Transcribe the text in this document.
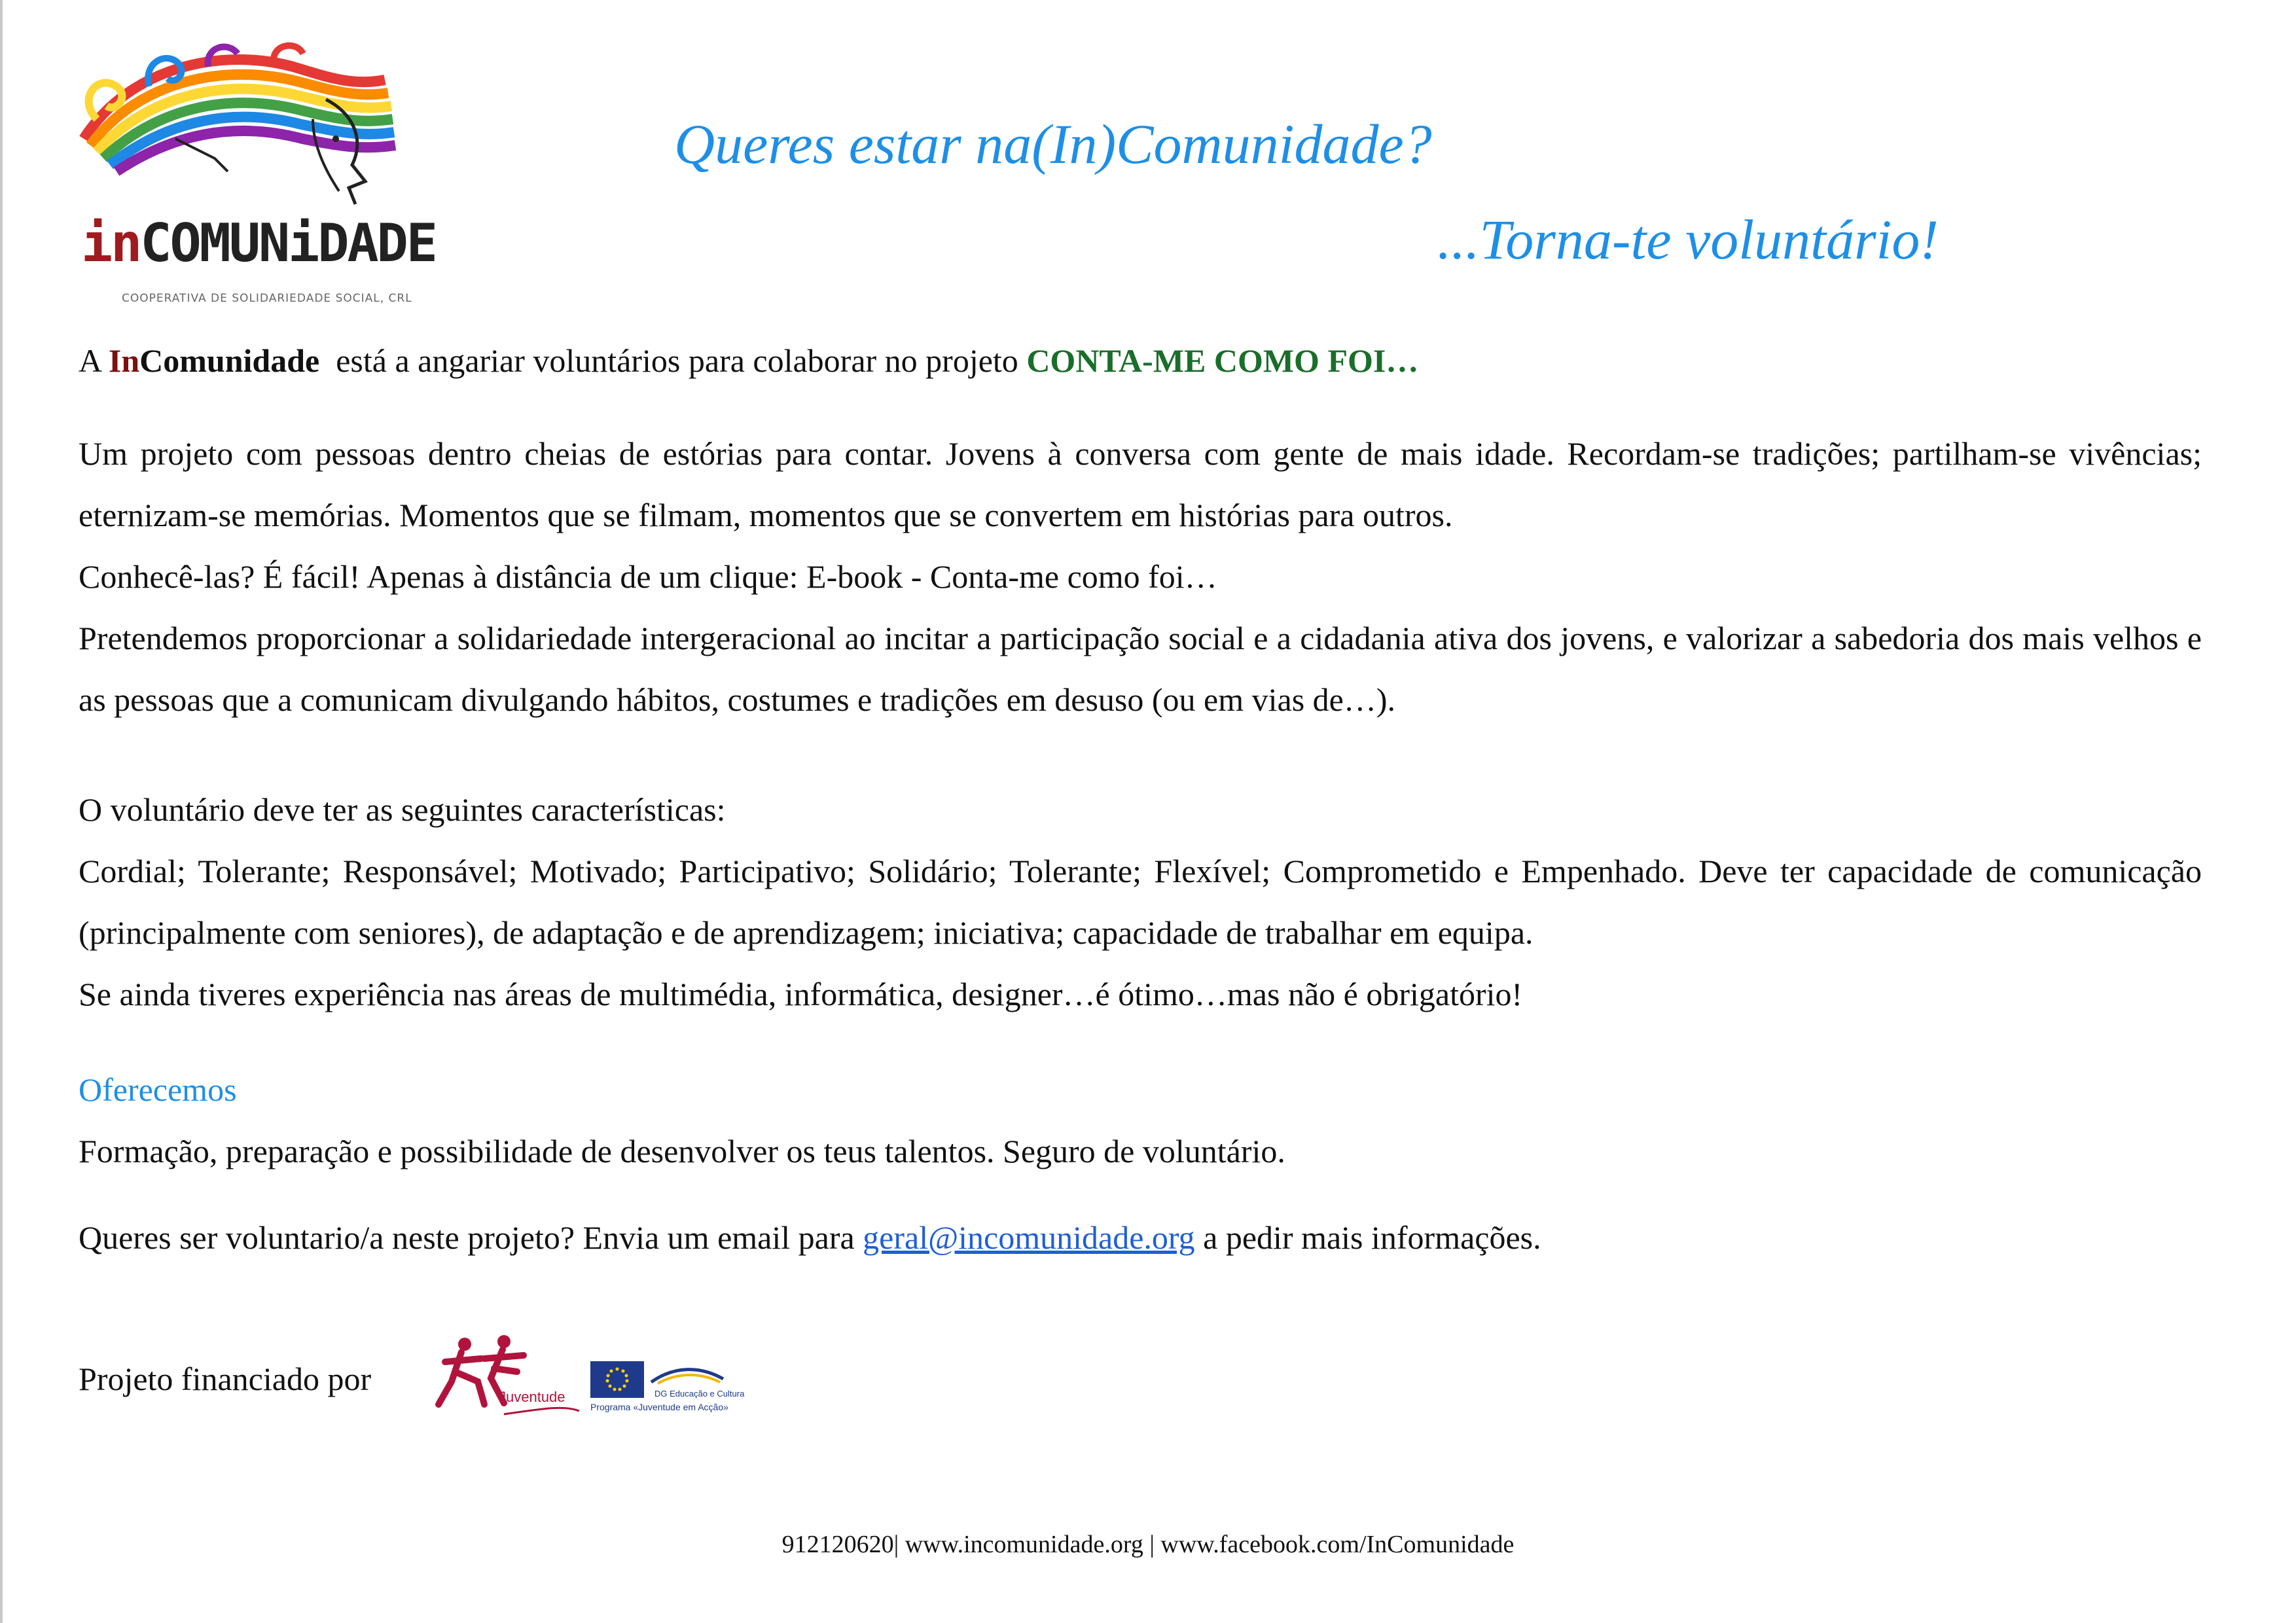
inCOMUNiDADE
COOPERATIVA DE SOLIDARIEDADE SOCIAL, CRL
Queres estar na(In)Comunidade?
...Torna-te voluntário!
A InComunidade  está a angariar voluntários para colaborar no projeto CONTA-ME COMO FOI…
Um projeto com pessoas dentro cheias de estórias para contar. Jovens à conversa com gente de mais idade. Recordam-se tradições; partilham-se vivências; eternizam-se memórias. Momentos que se filmam, momentos que se convertem em histórias para outros.
Conhecê-las? É fácil! Apenas à distância de um clique: E-book - Conta-me como foi…
Pretendemos proporcionar a solidariedade intergeracional ao incitar a participação social e a cidadania ativa dos jovens, e valorizar a sabedoria dos mais velhos e as pessoas que a comunicam divulgando hábitos, costumes e tradições em desuso (ou em vias de…).
O voluntário deve ter as seguintes características:
Cordial; Tolerante; Responsável; Motivado; Participativo; Solidário; Tolerante; Flexível; Comprometido e Empenhado. Deve ter capacidade de comunicação (principalmente com seniores), de adaptação e de aprendizagem; iniciativa; capacidade de trabalhar em equipa.
Se ainda tiveres experiência nas áreas de multimédia, informática, designer…é ótimo…mas não é obrigatório!
Oferecemos
Formação, preparação e possibilidade de desenvolver os teus talentos. Seguro de voluntário.
Queres ser voluntario/a neste projeto? Envia um email para geral@incomunidade.org a pedir mais informações.
Projeto financiado por	Juventude	DG Educação e Cultura
Programa «Juventude em Acção»
912120620| www.incomunidade.org | www.facebook.com/InComunidade
